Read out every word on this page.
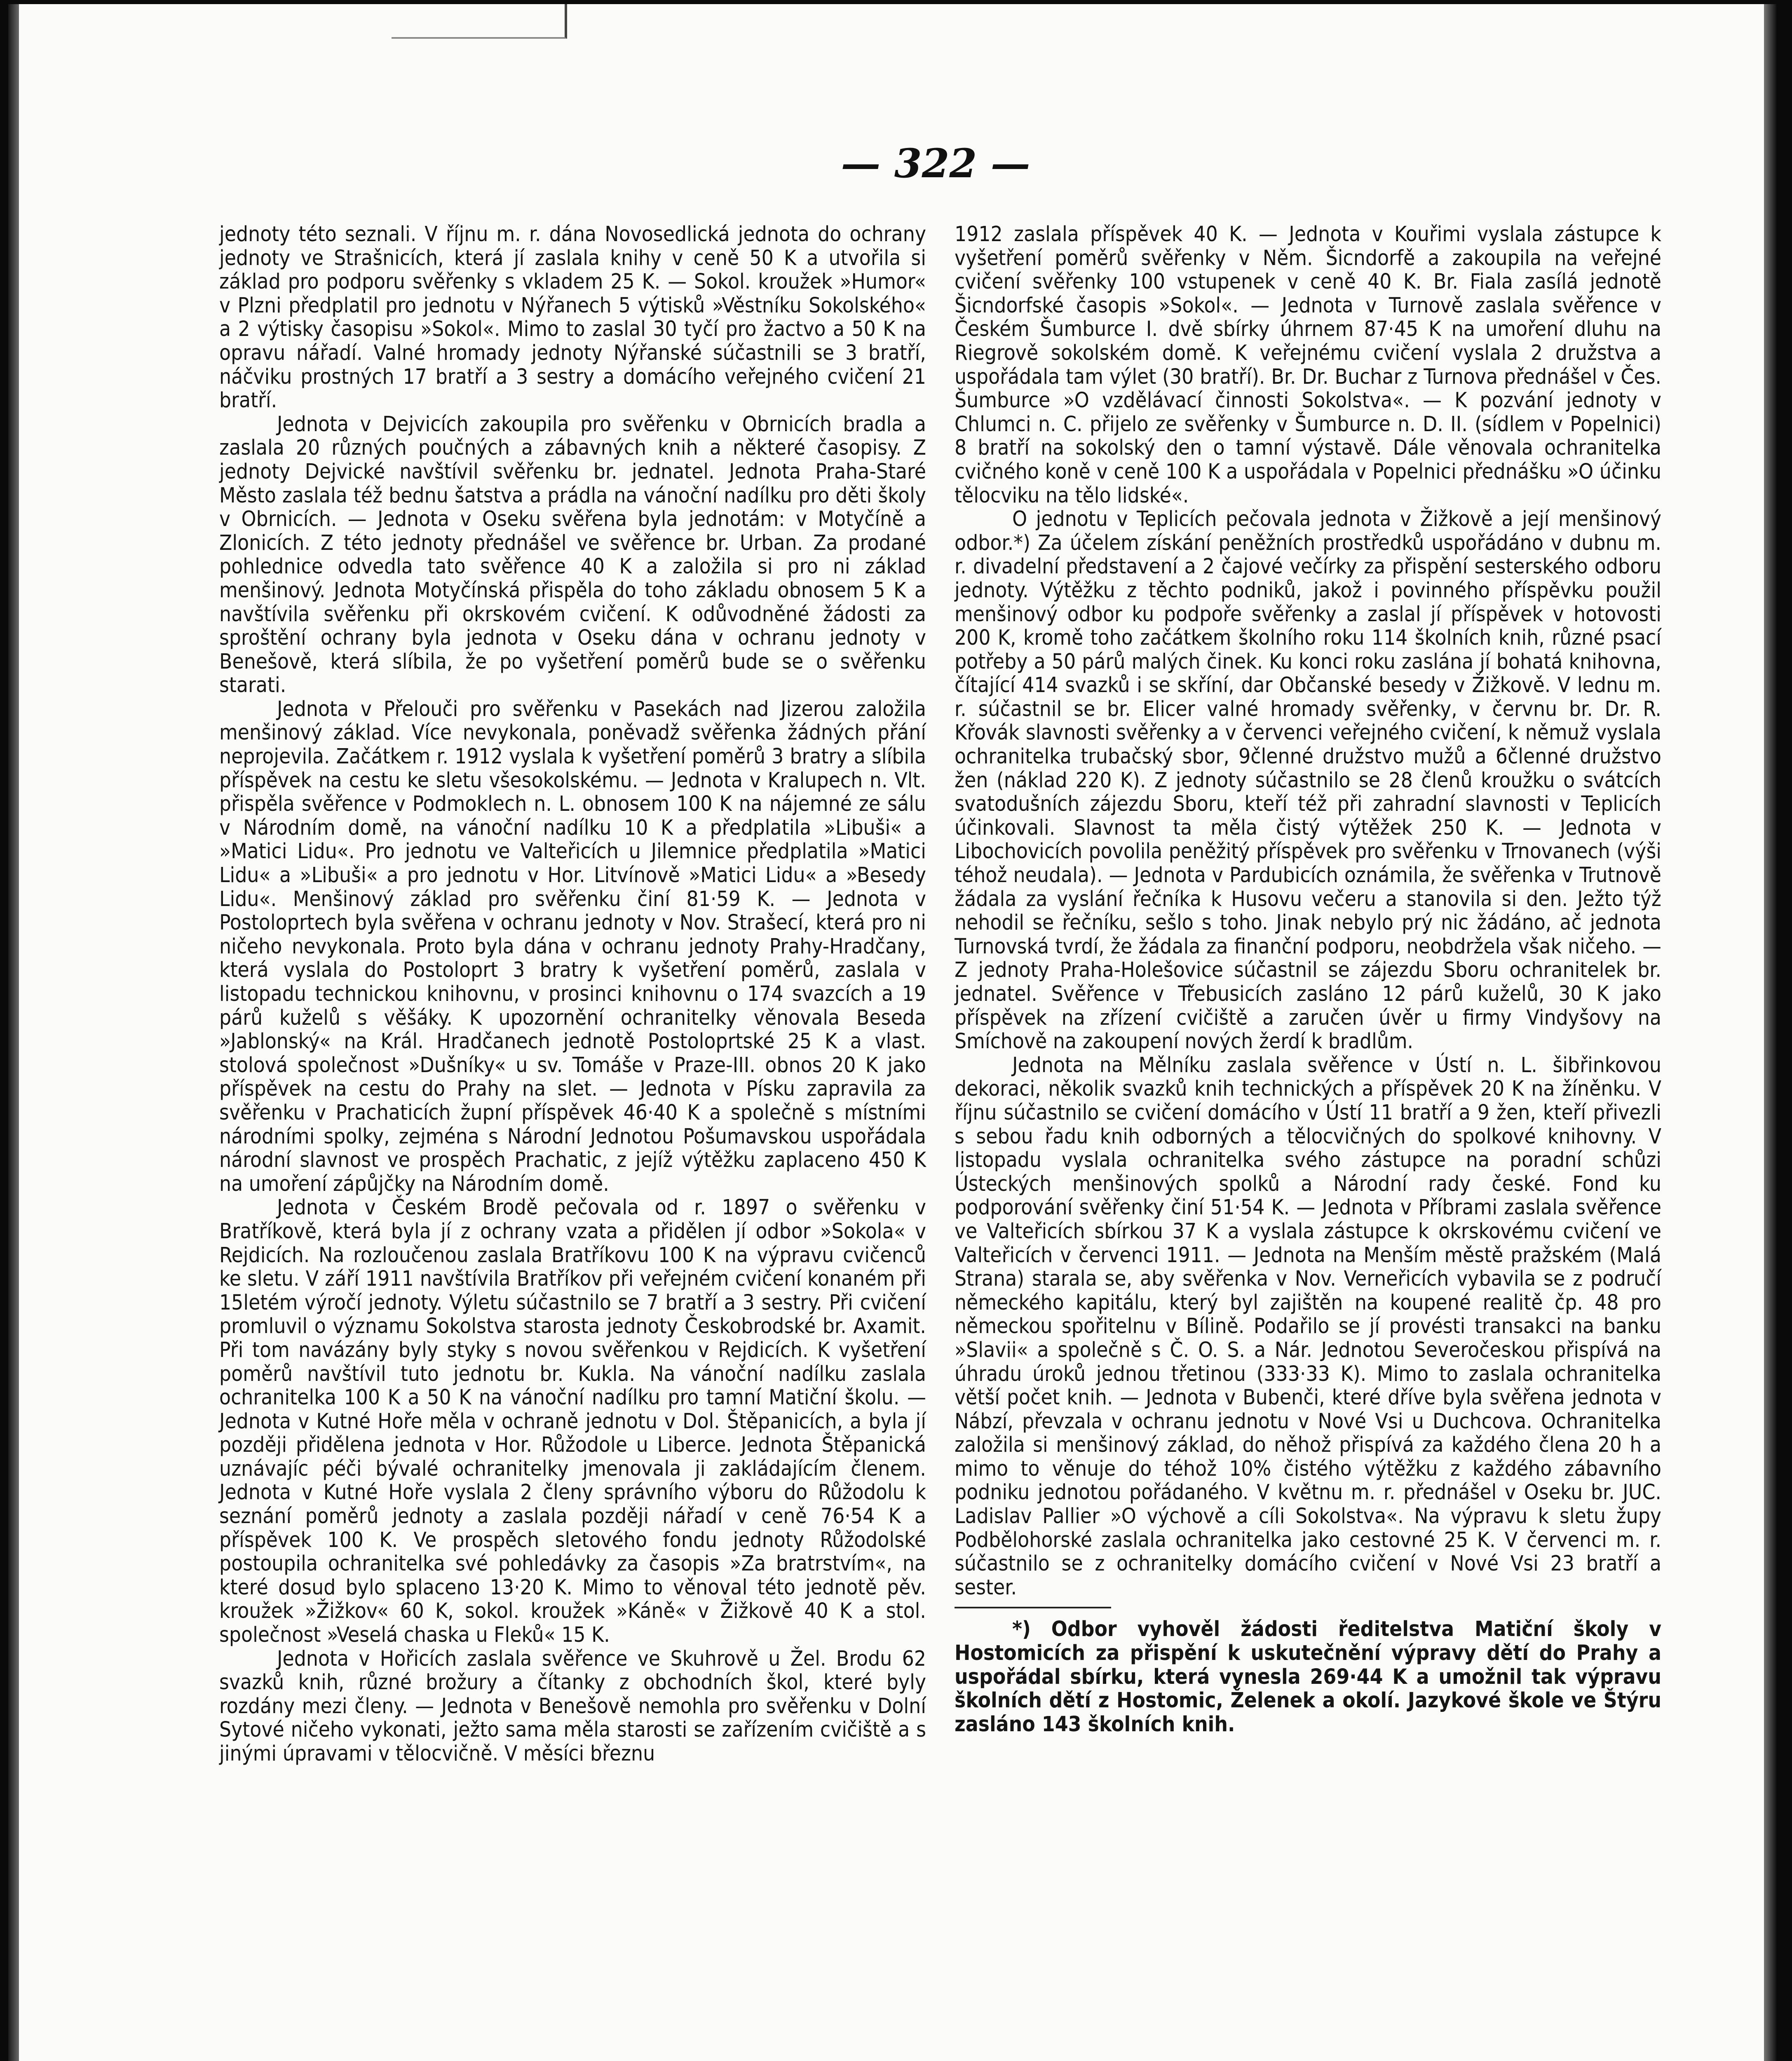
— 322 —

jednoty této seznali. V říjnu m. r. dána Novosedlická jednota do ochrany jednoty ve Strašnicích, která jí zaslala knihy v ceně 50 K a utvořila si základ pro podporu svěřenky s vkladem 25 K. — Sokol. kroužek »Humor« v Plzni předplatil pro jednotu v Nýřanech 5 výtisků »Věstníku Sokolského« a 2 výtisky časopisu »Sokol«. Mimo to zaslal 30 tyčí pro žactvo a 50 K na opravu nářadí. Valné hromady jednoty Nýřanské súčastnili se 3 bratří, náčviku prostných 17 bratří a 3 sestry a domácího veřejného cvičení 21 bratří.

Jednota v Dejvicích zakoupila pro svěřenku v Obrnicích bradla a zaslala 20 různých poučných a zábavných knih a některé časopisy. Z jednoty Dejvické navštívil svěřenku br. jednatel. Jednota Praha-Staré Město zaslala též bednu šatstva a prádla na vánoční nadílku pro děti školy v Obrnicích. — Jednota v Oseku svěřena byla jednotám: v Motyčíně a Zlonicích. Z této jednoty přednášel ve svěřence br. Urban. Za prodané pohlednice odvedla tato svěřence 40 K a založila si pro ni základ menšinový. Jednota Motyčínská přispěla do toho základu obnosem 5 K a navštívila svěřenku při okrskovém cvičení. K odůvodněné žádosti za sproštění ochrany byla jednota v Oseku dána v ochranu jednoty v Benešově, která slíbila, že po vyšetření poměrů bude se o svěřenku starati.

Jednota v Přelouči pro svěřenku v Pasekách nad Jizerou založila menšinový základ. Více nevykonala, poněvadž svěřenka žádných přání neprojevila. Začátkem r. 1912 vyslala k vyšetření poměrů 3 bratry a slíbila příspěvek na cestu ke sletu všesokolskému. — Jednota v Kralupech n. Vlt. přispěla svěřence v Podmoklech n. L. obnosem 100 K na nájemné ze sálu v Národním domě, na vánoční nadílku 10 K a předplatila »Libuši« a »Matici Lidu«. Pro jednotu ve Valteřicích u Jilemnice předplatila »Matici Lidu« a »Libuši« a pro jednotu v Hor. Litvínově »Matici Lidu« a »Besedy Lidu«. Menšinový základ pro svěřenku činí 81·59 K. — Jednota v Postoloprtech byla svěřena v ochranu jednoty v Nov. Strašecí, která pro ni ničeho nevykonala. Proto byla dána v ochranu jednoty Prahy-Hradčany, která vyslala do Postoloprt 3 bratry k vyšetření poměrů, zaslala v listopadu technickou knihovnu, v prosinci knihovnu o 174 svazcích a 19 párů kuželů s věšáky. K upozornění ochranitelky věnovala Beseda »Jablonský« na Král. Hradčanech jednotě Postoloprtské 25 K a vlast. stolová společnost »Dušníky« u sv. Tomáše v Praze-III. obnos 20 K jako příspěvek na cestu do Prahy na slet. — Jednota v Písku zapravila za svěřenku v Prachaticích župní příspěvek 46·40 K a společně s místními národními spolky, zejména s Národní Jednotou Pošumavskou uspořádala národní slavnost ve prospěch Prachatic, z jejíž výtěžku zaplaceno 450 K na umoření zápůjčky na Národním domě.

Jednota v Českém Brodě pečovala od r. 1897 o svěřenku v Bratříkově, která byla jí z ochrany vzata a přidělen jí odbor »Sokola« v Rejdicích. Na rozloučenou zaslala Bratříkovu 100 K na výpravu cvičenců ke sletu. V září 1911 navštívila Bratříkov při veřejném cvičení konaném při 15letém výročí jednoty. Výletu súčastnilo se 7 bratří a 3 sestry. Při cvičení promluvil o významu Sokolstva starosta jednoty Českobrodské br. Axamit. Při tom navázány byly styky s novou svěřenkou v Rejdicích. K vyšetření poměrů navštívil tuto jednotu br. Kukla. Na vánoční nadílku zaslala ochranitelka 100 K a 50 K na vánoční nadílku pro tamní Matiční školu. — Jednota v Kutné Hoře měla v ochraně jednotu v Dol. Štěpanicích, a byla jí později přidělena jednota v Hor. Růžodole u Liberce. Jednota Štěpanická uznávajíc péči bývalé ochranitelky jmenovala ji zakládajícím členem. Jednota v Kutné Hoře vyslala 2 členy správního výboru do Růžodolu k seznání poměrů jednoty a zaslala později nářadí v ceně 76·54 K a příspěvek 100 K. Ve prospěch sletového fondu jednoty Růžodolské postoupila ochranitelka své pohledávky za časopis »Za bratrstvím«, na které dosud bylo splaceno 13·20 K. Mimo to věnoval této jednotě pěv. kroužek »Žižkov« 60 K, sokol. kroužek »Káně« v Žižkově 40 K a stol. společnost »Veselá chaska u Fleků« 15 K.

Jednota v Hořicích zaslala svěřence ve Skuhrově u Žel. Brodu 62 svazků knih, různé brožury a čítanky z obchodních škol, které byly rozdány mezi členy. — Jednota v Benešově nemohla pro svěřenku v Dolní Sytové ničeho vykonati, ježto sama měla starosti se zařízením cvičiště a s jinými úpravami v tělocvičně. V měsíci březnu

1912 zaslala příspěvek 40 K. — Jednota v Kouřimi vyslala zástupce k vyšetření poměrů svěřenky v Něm. Šicndorfě a zakoupila na veřejné cvičení svěřenky 100 vstupenek v ceně 40 K. Br. Fiala zasílá jednotě Šicndorfské časopis »Sokol«. — Jednota v Turnově zaslala svěřence v Českém Šumburce I. dvě sbírky úhrnem 87·45 K na umoření dluhu na Riegrově sokolském domě. K veřejnému cvičení vyslala 2 družstva a uspořádala tam výlet (30 bratří). Br. Dr. Buchar z Turnova přednášel v Čes. Šumburce »O vzdělávací činnosti Sokolstva«. — K pozvání jednoty v Chlumci n. C. přijelo ze svěřenky v Šumburce n. D. II. (sídlem v Popelnici) 8 bratří na sokolský den o tamní výstavě. Dále věnovala ochranitelka cvičného koně v ceně 100 K a uspořádala v Popelnici přednášku »O účinku tělocviku na tělo lidské«.

O jednotu v Teplicích pečovala jednota v Žižkově a její menšinový odbor.*) Za účelem získání peněžních prostředků uspořádáno v dubnu m. r. divadelní představení a 2 čajové večírky za přispění sesterského odboru jednoty. Výtěžku z těchto podniků, jakož i povinného příspěvku použil menšinový odbor ku podpoře svěřenky a zaslal jí příspěvek v hotovosti 200 K, kromě toho začátkem školního roku 114 školních knih, různé psací potřeby a 50 párů malých činek. Ku konci roku zaslána jí bohatá knihovna, čítající 414 svazků i se skříní, dar Občanské besedy v Žižkově. V lednu m. r. súčastnil se br. Elicer valné hromady svěřenky, v červnu br. Dr. R. Křovák slavnosti svěřenky a v červenci veřejného cvičení, k němuž vyslala ochranitelka trubačský sbor, 9členné družstvo mužů a 6členné družstvo žen (náklad 220 K). Z jednoty súčastnilo se 28 členů kroužku o svátcích svatodušních zájezdu Sboru, kteří též při zahradní slavnosti v Teplicích účinkovali. Slavnost ta měla čistý výtěžek 250 K. — Jednota v Libochovicích povolila peněžitý příspěvek pro svěřenku v Trnovanech (výši téhož neudala). — Jednota v Pardubicích oznámila, že svěřenka v Trutnově žádala za vyslání řečníka k Husovu večeru a stanovila si den. Ježto týž nehodil se řečníku, sešlo s toho. Jinak nebylo prý nic žádáno, ač jednota Turnovská tvrdí, že žádala za finanční podporu, neobdržela však ničeho. — Z jednoty Praha-Holešovice súčastnil se zájezdu Sboru ochranitelek br. jednatel. Svěřence v Třebusicích zasláno 12 párů kuželů, 30 K jako příspěvek na zřízení cvičiště a zaručen úvěr u firmy Vindyšovy na Smíchově na zakoupení nových žerdí k bradlům.

Jednota na Mělníku zaslala svěřence v Ústí n. L. šibřinkovou dekoraci, několik svazků knih technických a příspěvek 20 K na žíněnku. V říjnu súčastnilo se cvičení domácího v Ústí 11 bratří a 9 žen, kteří přivezli s sebou řadu knih odborných a tělocvičných do spolkové knihovny. V listopadu vyslala ochranitelka svého zástupce na poradní schůzi Ústeckých menšinových spolků a Národní rady české. Fond ku podporování svěřenky činí 51·54 K. — Jednota v Příbrami zaslala svěřence ve Valteřicích sbírkou 37 K a vyslala zástupce k okrskovému cvičení ve Valteřicích v červenci 1911. — Jednota na Menším městě pražském (Malá Strana) starala se, aby svěřenka v Nov. Verneřicích vybavila se z područí německého kapitálu, který byl zajištěn na koupené realitě čp. 48 pro německou spořitelnu v Bílině. Podařilo se jí provésti transakci na banku »Slavii« a společně s Č. O. S. a Nár. Jednotou Severočeskou přispívá na úhradu úroků jednou třetinou (333·33 K). Mimo to zaslala ochranitelka větší počet knih. — Jednota v Bubenči, které dříve byla svěřena jednota v Nábzí, převzala v ochranu jednotu v Nové Vsi u Duchcova. Ochranitelka založila si menšinový základ, do něhož přispívá za každého člena 20 h a mimo to věnuje do téhož 10% čistého výtěžku z každého zábavního podniku jednotou pořádaného. V květnu m. r. přednášel v Oseku br. JUC. Ladislav Pallier »O výchově a cíli Sokolstva«. Na výpravu k sletu župy Podbělohorské zaslala ochranitelka jako cestovné 25 K. V červenci m. r. súčastnilo se z ochranitelky domácího cvičení v Nové Vsi 23 bratří a sester.

*) Odbor vyhověl žádosti ředitelstva Matiční školy v Hostomicích za přispění k uskutečnění výpravy dětí do Prahy a uspořádal sbírku, která vynesla 269·44 K a umožnil tak výpravu školních dětí z Hostomic, Želenek a okolí. Jazykové škole ve Štýru zasláno 143 školních knih.
